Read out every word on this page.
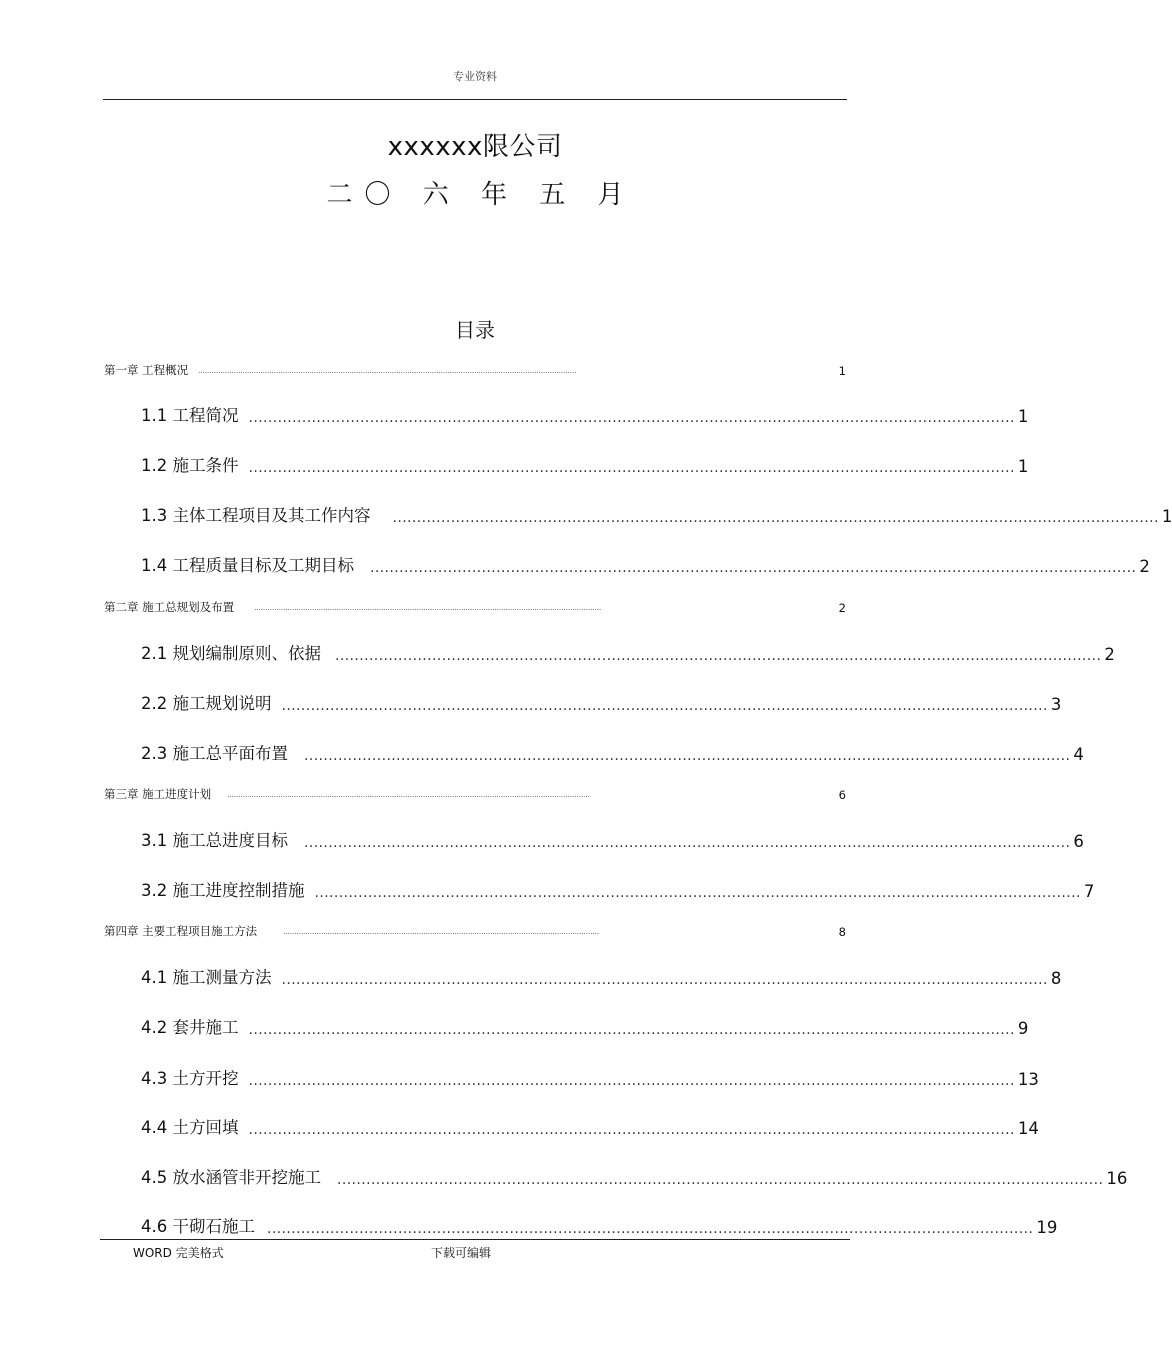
专业资料
xxxxxx限公司
二〇 六 年 五 月
目录
第一章 工程概况	..........................................................................................................................................................................	1
1.1 工程简况 .............................................................................................................................................................. 1
1.2 施工条件 .............................................................................................................................................................. 1
1.3 主体工程项目及其工作内容	.............................................................................................................................................................. 1
1.4 工程质量目标及工期目标	.............................................................................................................................................................. 2
第二章 施工总规划及布置	............................................................................................................................................................	2
2.1 规划编制原则、依据	.............................................................................................................................................................. 2
2.2 施工规划说明 .............................................................................................................................................................. 3
2.3 施工总平面布置	.............................................................................................................................................................. 4
第三章 施工进度计划	...................................................................................................................................................................	6
3.1 施工总进度目标	.............................................................................................................................................................. 6
3.2 施工进度控制措施 .............................................................................................................................................................. 7
第四章 主要工程项目施工方法	..............................................................................................................................................	8
4.1 施工测量方法 .............................................................................................................................................................. 8
4.2 套井施工 .............................................................................................................................................................. 9
4.3 土方开挖 .............................................................................................................................................................. 13
4.4 土方回填 .............................................................................................................................................................. 14
4.5 放水涵管非开挖施工	.............................................................................................................................................................. 16
4.6 干砌石施工 .............................................................................................................................................................. 19
WORD 完美格式	下载可编辑
